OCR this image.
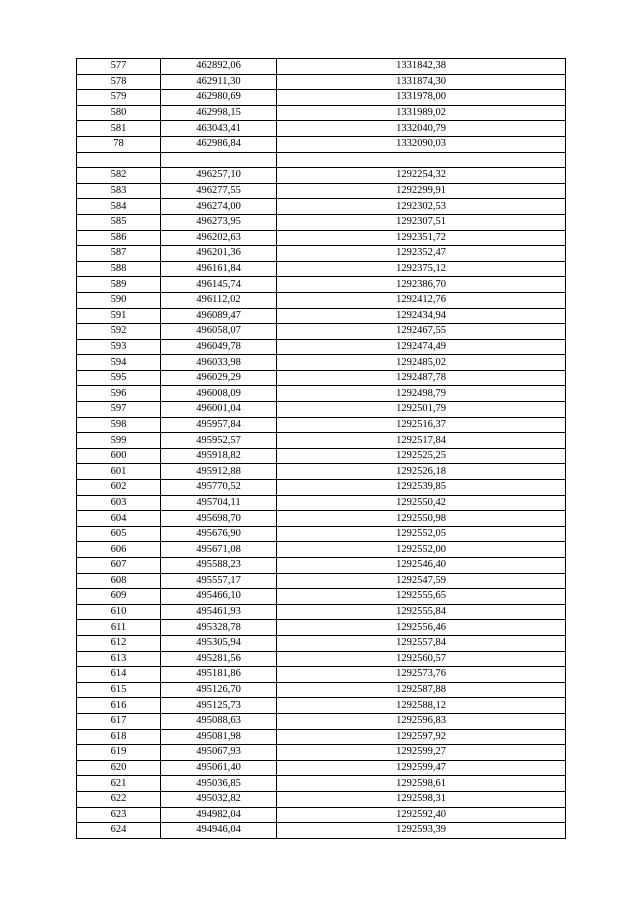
577	462892,06	1331842,38
578	462911,30	1331874,30
579	462980,69	1331978,00
580	462998,15	1331989,02
581	463043,41	1332040,79
78	462986,84	1332090,03

582	496257,10	1292254,32
583	496277,55	1292299,91
584	496274,00	1292302,53
585	496273,95	1292307,51
586	496202,63	1292351,72
587	496201,36	1292352,47
588	496161,84	1292375,12
589	496145,74	1292386,70
590	496112,02	1292412,76
591	496089,47	1292434,94
592	496058,07	1292467,55
593	496049,78	1292474,49
594	496033,98	1292485,02
595	496029,29	1292487,78
596	496008,09	1292498,79
597	496001,04	1292501,79
598	495957,84	1292516,37
599	495952,57	1292517,84
600	495918,82	1292525,25
601	495912,88	1292526,18
602	495770,52	1292539,85
603	495704,11	1292550,42
604	495698,70	1292550,98
605	495676,90	1292552,05
606	495671,08	1292552,00
607	495588,23	1292546,40
608	495557,17	1292547,59
609	495466,10	1292555,65
610	495461,93	1292555,84
611	495328,78	1292556,46
612	495305,94	1292557,84
613	495281,56	1292560,57
614	495181,86	1292573,76
615	495126,70	1292587,88
616	495125,73	1292588,12
617	495088,63	1292596,83
618	495081,98	1292597,92
619	495067,93	1292599,27
620	495061,40	1292599,47
621	495036,85	1292598,61
622	495032,82	1292598,31
623	494982,04	1292592,40
624	494946,04	1292593,39
